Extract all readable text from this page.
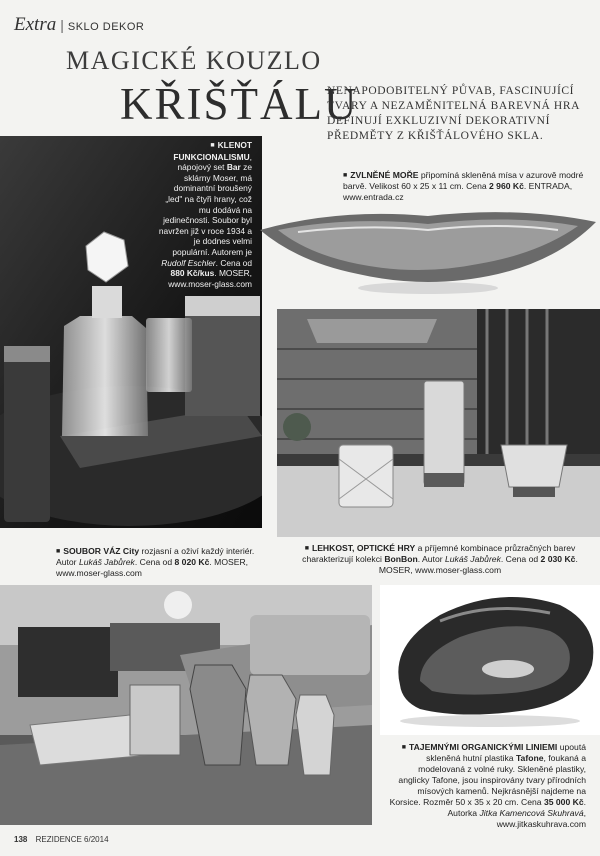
Extra | SKLO DEKOR
MAGICKÉ KOUZLO
KŘIŠŤÁLU
NENAPODOBITELNÝ PŮVAB, FASCINUJÍCÍ TVARY A NEZAMĚNITELNÁ BAREVNÁ HRA DEFINUJÍ EXKLUZIVNÍ DEKORATIVNÍ PŘEDMĚTY Z KŘIŠŤÁLOVÉHO SKLA.
■ KLENOT FUNKCIONALISMU, nápojový set Bar ze sklárny Moser, má dominantní broušený „led" na čtyři hrany, což mu dodává na jedinečnosti. Soubor byl navržen již v roce 1934 a je dodnes velmi populární. Autorem je Rudolf Eschler. Cena od 880 Kč/kus. MOSER, www.moser-glass.com
■ ZVLNĚNÉ MOŘE připomíná skleněná mísa v azurově modré barvě. Velikost 60 x 25 x 11 cm. Cena 2 960 Kč. ENTRADA, www.entrada.cz
■ LEHKOST, OPTICKÉ HRY a příjemné kombinace průzračných barev charakterizují kolekci BonBon. Autor Lukáš Jabůrek. Cena od 2 030 Kč. MOSER, www.moser-glass.com
■ SOUBOR VÁZ City rozjasní a oživí každý interiér. Autor Lukáš Jabůrek. Cena od 8 020 Kč. MOSER, www.moser-glass.com
■ TAJEMNÝMI ORGANICKÝMI LINIEMI upoutá skleněná hutní plastika Tafone, foukaná a modelovaná z volné ruky. Skleněné plastiky, anglicky Tafone, jsou inspirovány tvary přírodních mísových kamenů. Nejkrásnější najdeme na Korsice. Rozměr 50 x 35 x 20 cm. Cena 35 000 Kč. Autorka Jitka Kamencová Skuhravá, www.jitkaskuhrava.com
138 REZIDENCE 6/2014
